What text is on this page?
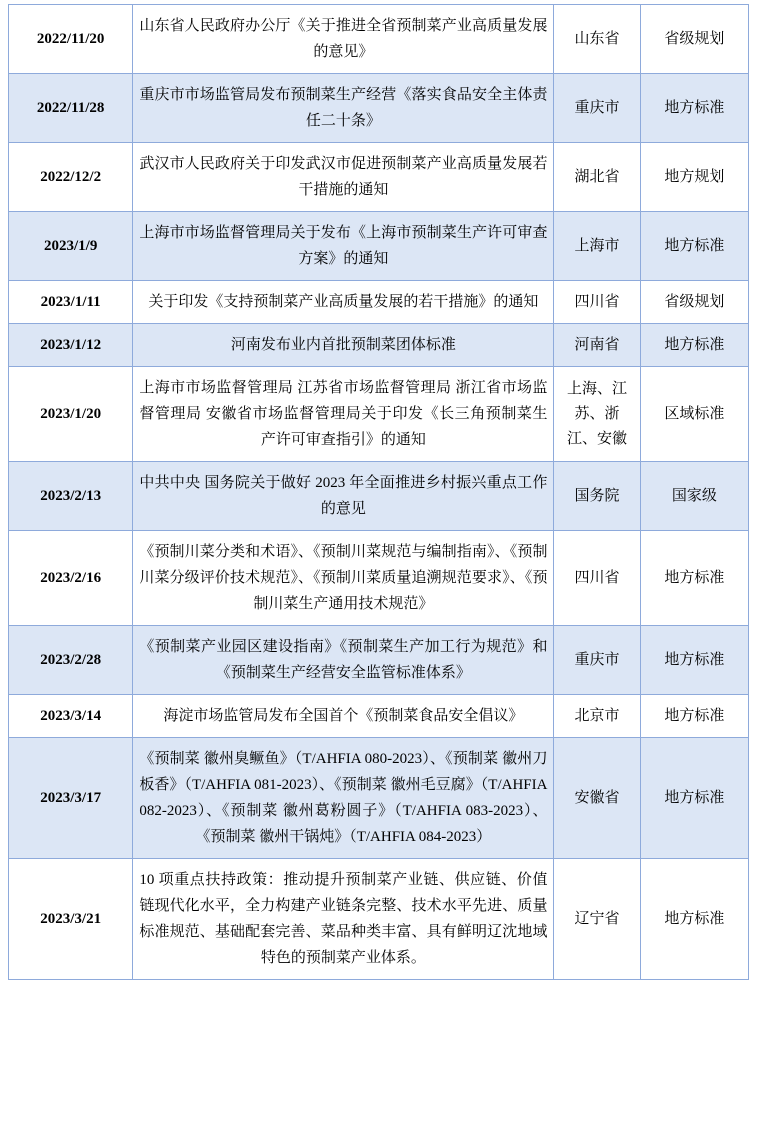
2022/11/20	山东省人民政府办公厅《关于推进全省预制菜产业高质量发展的意见》	山东省	省级规划

2022/11/28	重庆市市场监管局发布预制菜生产经营《落实食品安全主体责任二十条》	重庆市	地方标准

2022/12/2	武汉市人民政府关于印发武汉市促进预制菜产业高质量发展若干措施的通知	湖北省	地方规划

2023/1/9	上海市市场监督管理局关于发布《上海市预制菜生产许可审查方案》的通知	上海市	地方标准

2023/1/11	关于印发《支持预制菜产业高质量发展的若干措施》的通知	四川省	省级规划

2023/1/12	河南发布业内首批预制菜团体标准	河南省	地方标准

2023/1/20	上海市市场监督管理局 江苏省市场监督管理局 浙江省市场监督管理局 安徽省市场监督管理局关于印发《长三角预制菜生产许可审查指引》的通知	上海、江苏、浙江、安徽	区域标准

2023/2/13	中共中央 国务院关于做好 2023 年全面推进乡村振兴重点工作的意见	国务院	国家级

2023/2/16	《预制川菜分类和术语》、《预制川菜规范与编制指南》、《预制川菜分级评价技术规范》、《预制川菜质量追溯规范要求》、《预制川菜生产通用技术规范》	四川省	地方标准

2023/2/28	《预制菜产业园区建设指南》《预制菜生产加工行为规范》和《预制菜生产经营安全监管标准体系》	重庆市	地方标准

2023/3/14	海淀市场监管局发布全国首个《预制菜食品安全倡议》	北京市	地方标准

2023/3/17	《预制菜 徽州臭鳜鱼》（T/AHFIA 080-2023）、《预制菜 徽州刀板香》（T/AHFIA 081-2023）、《预制菜 徽州毛豆腐》（T/AHFIA 082-2023）、《预制菜 徽州葛粉圆子》（T/AHFIA 083-2023）、《预制菜 徽州干锅炖》（T/AHFIA 084-2023）	安徽省	地方标准

2023/3/21	10 项重点扶持政策：推动提升预制菜产业链、供应链、价值链现代化水平，全力构建产业链条完整、技术水平先进、质量标准规范、基础配套完善、菜品种类丰富、具有鲜明辽沈地域特色的预制菜产业体系。	辽宁省	地方标准
